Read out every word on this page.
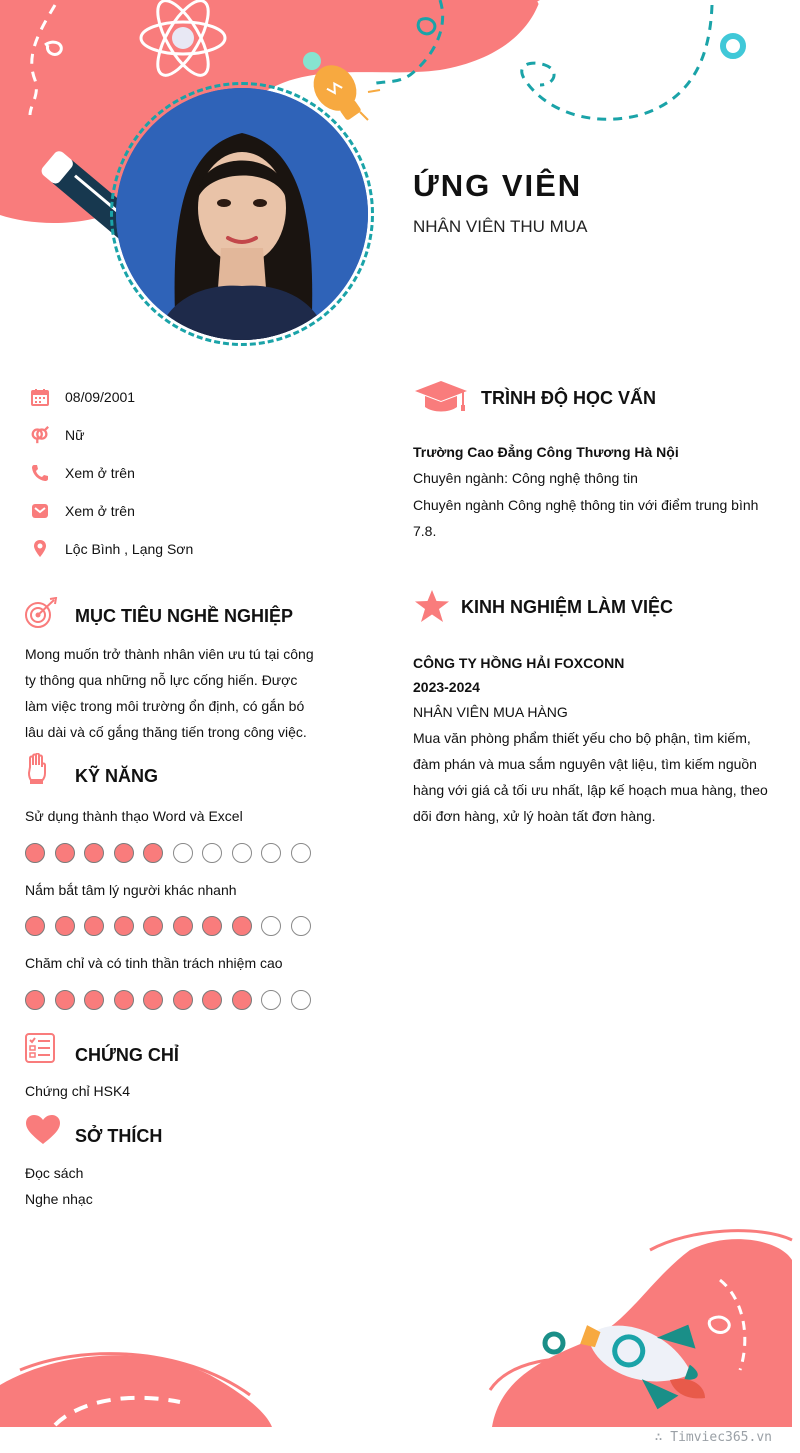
ỨNG VIÊN
NHÂN VIÊN THU MUA
08/09/2001
Nữ
Xem ở trên
Xem ở trên
Lộc Bình , Lạng Sơn
MỤC TIÊU NGHỀ NGHIỆP
Mong muốn trở thành nhân viên ưu tú tại công
ty thông qua những nỗ lực cống hiến. Được
làm việc trong môi trường ổn định, có gắn bó
lâu dài và cố gắng thăng tiến trong công việc.
KỸ NĂNG
Sử dụng thành thạo Word và Excel
Nắm bắt tâm lý người khác nhanh
Chăm chỉ và có tinh thần trách nhiệm cao
CHỨNG CHỈ
Chứng chỉ HSK4
SỞ THÍCH
Đọc sách
Nghe nhạc
TRÌNH ĐỘ HỌC VẤN
Trường Cao Đẳng Công Thương Hà Nội
Chuyên ngành: Công nghệ thông tin
Chuyên ngành Công nghệ thông tin với điểm trung bình
7.8.
KINH NGHIỆM LÀM VIỆC
CÔNG TY HỒNG HẢI FOXCONN
2023-2024
NHÂN VIÊN MUA HÀNG
Mua văn phòng phẩm thiết yếu cho bộ phận, tìm kiếm,
đàm phán và mua sắm nguyên vật liệu, tìm kiếm nguồn
hàng với giá cả tối ưu nhất, lập kế hoạch mua hàng, theo
dõi đơn hàng, xử lý hoàn tất đơn hàng.
∴ Timviec365.vn
